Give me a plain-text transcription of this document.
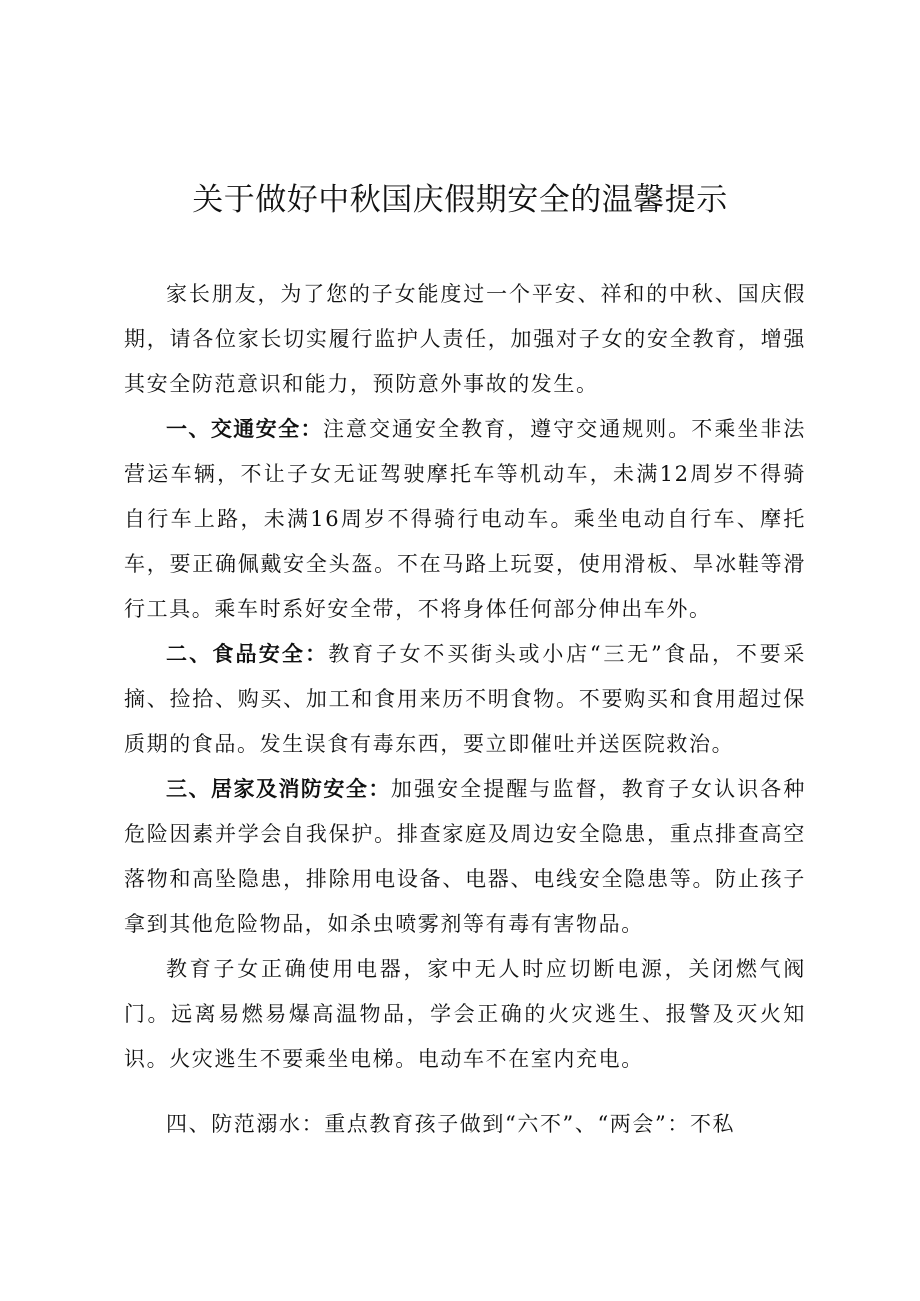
关于做好中秋国庆假期安全的温馨提示

家长朋友，为了您的子女能度过一个平安、祥和的中秋、国庆假期，请各位家长切实履行监护人责任，加强对子女的安全教育，增强其安全防范意识和能力，预防意外事故的发生。

一、交通安全：注意交通安全教育，遵守交通规则。不乘坐非法营运车辆，不让子女无证驾驶摩托车等机动车，未满12周岁不得骑自行车上路，未满16周岁不得骑行电动车。乘坐电动自行车、摩托车，要正确佩戴安全头盔。不在马路上玩耍，使用滑板、旱冰鞋等滑行工具。乘车时系好安全带，不将身体任何部分伸出车外。

二、食品安全：教育子女不买街头或小店“三无”食品，不要采摘、捡拾、购买、加工和食用来历不明食物。不要购买和食用超过保质期的食品。发生误食有毒东西，要立即催吐并送医院救治。

三、居家及消防安全：加强安全提醒与监督，教育子女认识各种危险因素并学会自我保护。排查家庭及周边安全隐患，重点排查高空落物和高坠隐患，排除用电设备、电器、电线安全隐患等。防止孩子拿到其他危险物品，如杀虫喷雾剂等有毒有害物品。

教育子女正确使用电器，家中无人时应切断电源，关闭燃气阀门。远离易燃易爆高温物品，学会正确的火灾逃生、报警及灭火知识。火灾逃生不要乘坐电梯。电动车不在室内充电。

四、防范溺水：重点教育孩子做到“六不”、“两会”：不私
